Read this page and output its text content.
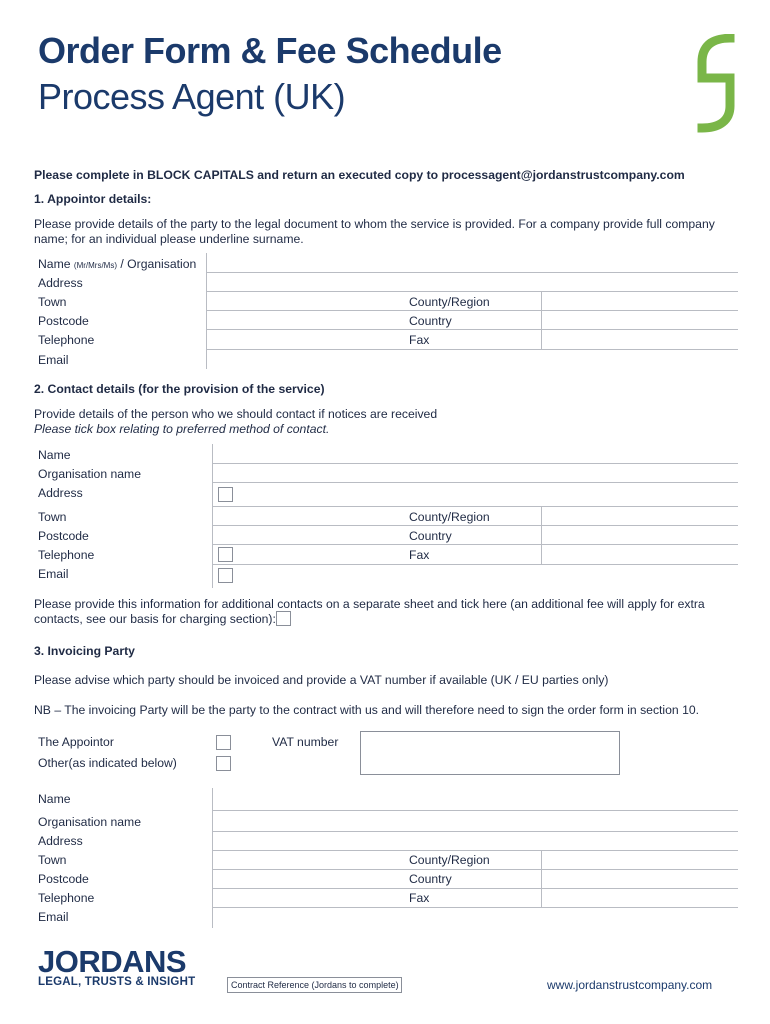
Order Form & Fee Schedule
Process Agent (UK)
Please complete in BLOCK CAPITALS and return an executed copy to processagent@jordanstrustcompany.com
1. Appointor details:
Please provide details of the party to the legal document to whom the service is provided. For a company provide full company
name; for an individual please underline surname.
Name (Mr/Mrs/Ms) / Organisation
Address
Town	County/Region
Postcode	Country
Telephone	Fax
Email
2. Contact details (for the provision of the service)
Provide details of the person who we should contact if notices are received
Please tick box relating to preferred method of contact.
Name
Organisation name
Address
Town	County/Region
Postcode	Country
Telephone	Fax
Email
Please provide this information for additional contacts on a separate sheet and tick here (an additional fee will apply for extra
contacts, see our basis for charging section):
3. Invoicing Party
Please advise which party should be invoiced and provide a VAT number if available (UK / EU parties only)
NB – The invoicing Party will be the party to the contract with us and will therefore need to sign the order form in section 10.
The Appointor	VAT number
Other(as indicated below)
Name
Organisation name
Address
Town	County/Region
Postcode	Country
Telephone	Fax
Email
JORDANS
LEGAL, TRUSTS & INSIGHT	Contract Reference (Jordans to complete)	www.jordanstrustcompany.com
